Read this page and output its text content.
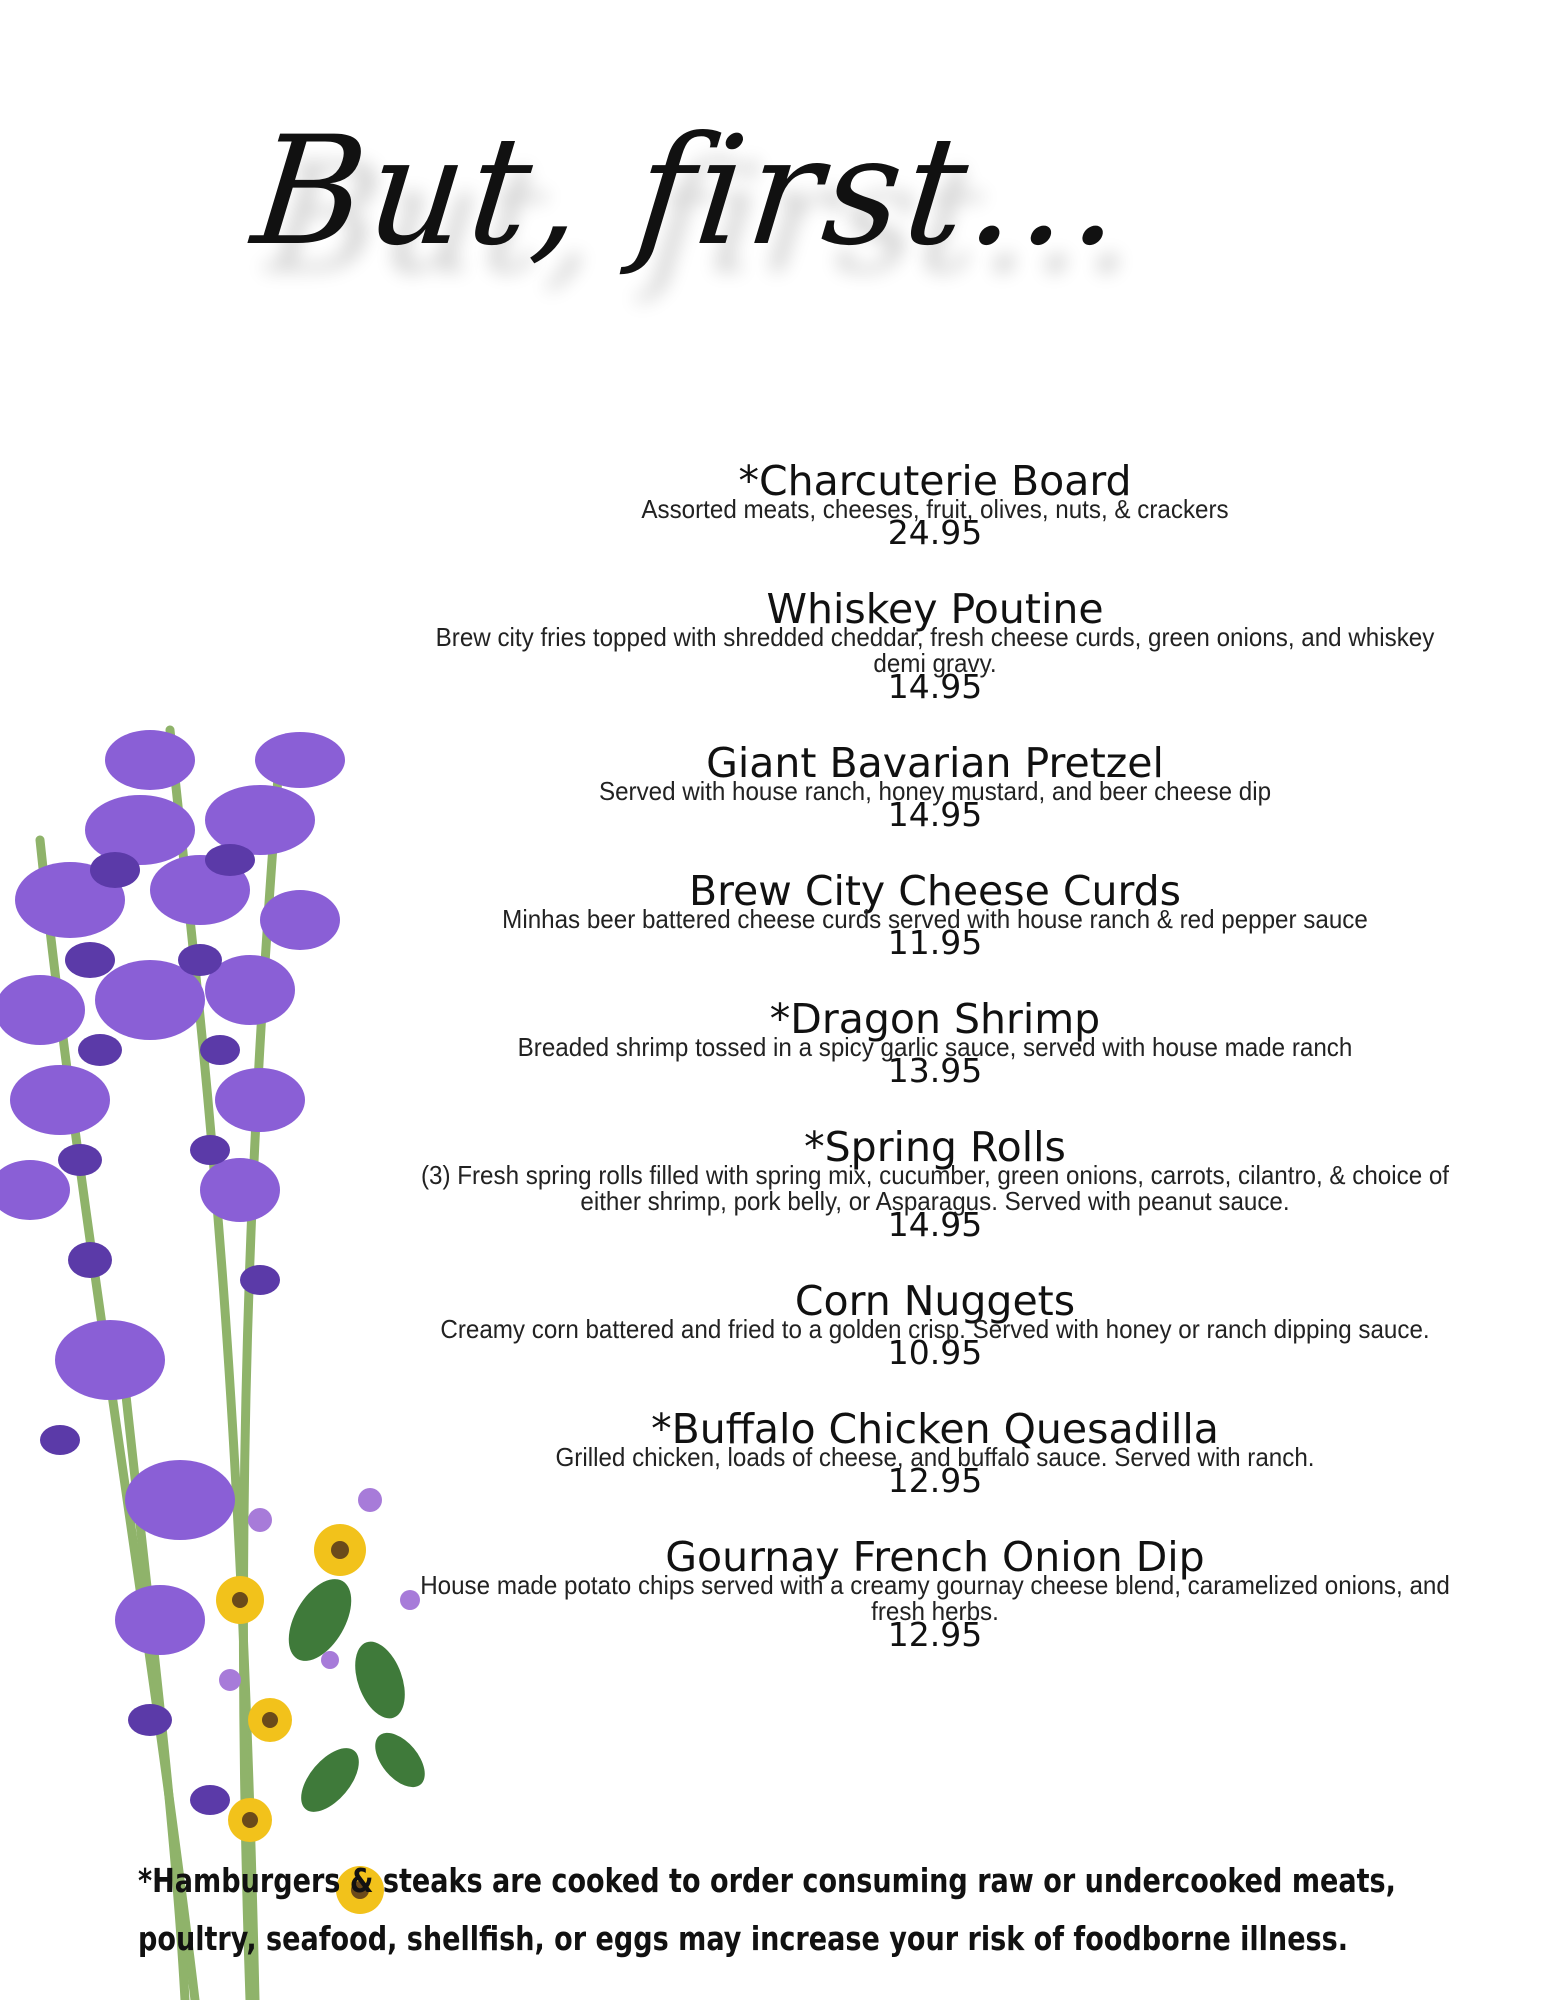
But, first...
*Charcuterie Board
Assorted meats, cheeses, fruit, olives, nuts, & crackers
24.95
Whiskey Poutine
Brew city fries topped with shredded cheddar, fresh cheese curds, green onions, and whiskey demi gravy.
14.95
Giant Bavarian Pretzel
Served with house ranch, honey mustard, and beer cheese dip
14.95
Brew City Cheese Curds
Minhas beer battered cheese curds served with house ranch & red pepper sauce
11.95
*Dragon Shrimp
Breaded shrimp tossed in a spicy garlic sauce, served with house made ranch
13.95
*Spring Rolls
(3) Fresh spring rolls filled with spring mix, cucumber, green onions, carrots, cilantro, & choice of either shrimp, pork belly, or Asparagus. Served with peanut sauce.
14.95
Corn Nuggets
Creamy corn battered and fried to a golden crisp. Served with honey or ranch dipping sauce.
10.95
*Buffalo Chicken Quesadilla
Grilled chicken, loads of cheese, and buffalo sauce. Served with ranch.
12.95
Gournay French Onion Dip
House made potato chips served with a creamy gournay cheese blend, caramelized onions, and fresh herbs.
12.95
*Hamburgers & steaks are cooked to order consuming raw or undercooked meats,
poultry, seafood, shellfish, or eggs may increase your risk of foodborne illness.
